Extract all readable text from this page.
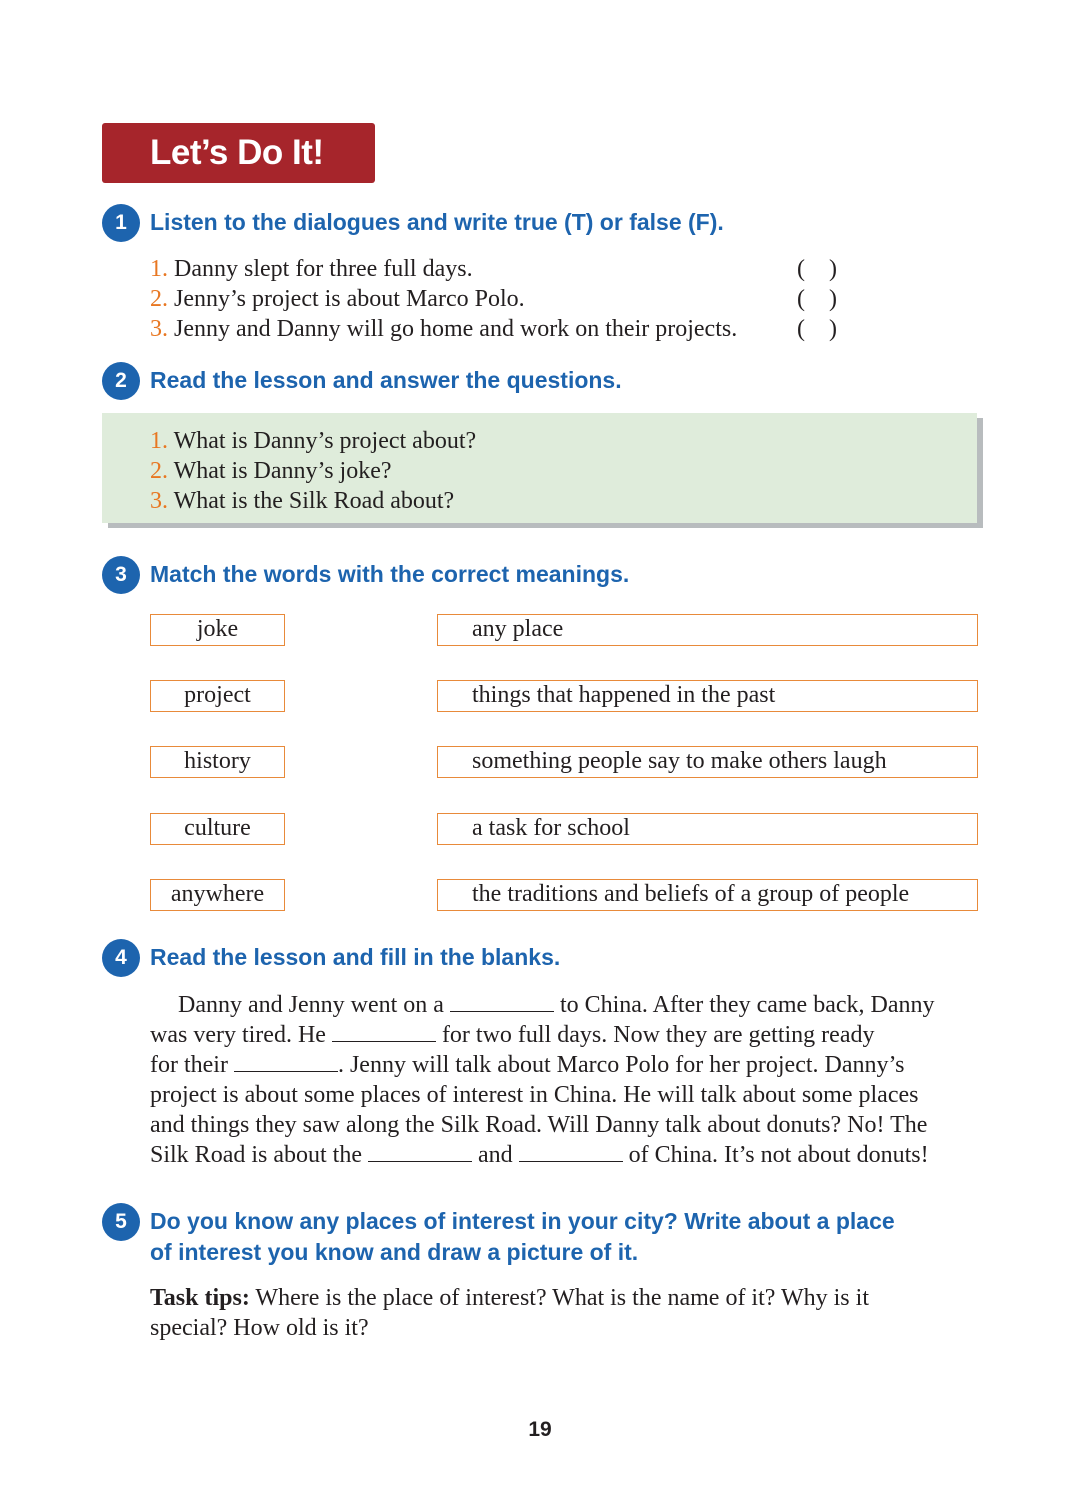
Let’s Do It!
1	Listen to the dialogues and write true (T) or false (F).
1. Danny slept for three full days.	(    )
2. Jenny’s project is about Marco Polo.	(    )
3. Jenny and Danny will go home and work on their projects. (    )
2	Read the lesson and answer the questions.
1. What is Danny’s project about?
2. What is Danny’s joke?
3. What is the Silk Road about?
3	Match the words with the correct meanings.
joke	any place
project	things that happened in the past
history	something people say to make others laugh
culture	a task for school
anywhere	the traditions and beliefs of a group of people
4	Read the lesson and fill in the blanks.
Danny and Jenny went on a	to China. After they came back, Danny
was very tired. He	for two full days. Now they are getting ready
for their	. Jenny will talk about Marco Polo for her project. Danny’s
project is about some places of interest in China. He will talk about some places
and things they saw along the Silk Road. Will Danny talk about donuts? No! The
Silk Road is about the	and	of China. It’s not about donuts!
5	Do you know any places of interest in your city? Write about a place
of interest you know and draw a picture of it.
Task tips: Where is the place of interest? What is the name of it? Why is it
special? How old is it?
19
